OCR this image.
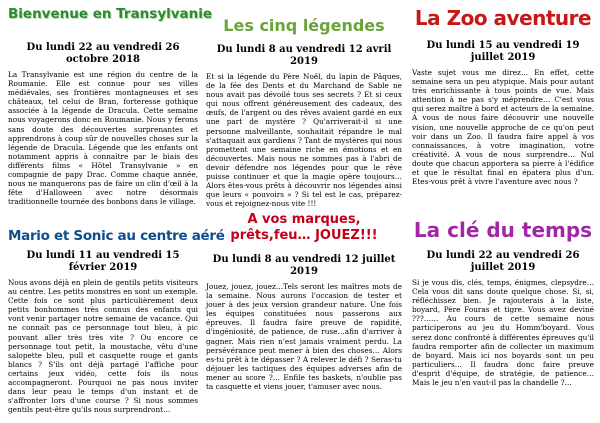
Bienvenue en Transylvanie
Du lundi 22 au vendredi 26 octobre 2018
La Transylvanie est une région du centre de la Roumanie. Elle est connue pour ses villes médiévales, ses frontières montagneuses et ses châteaux, tel celui de Bran, forteresse gothique associée à la légende de Dracula. Cette semaine nous voyagerons donc en Roumanie. Nous y ferons sans doute des découvertes surprenantes et apprendrons à coup sûr de nouvelles choses sur la légende de Dracula. Légende que les enfants ont notamment appris à connaître par le biais des différents films « Hôtel Transylvanie » en compagnie de papy Drac. Comme chaque année, nous ne manquerons pas de faire un clin d'œil à la fête d'Halloween avec notre désormais traditionnelle tournée des bonbons dans le village.
Les cinq légendes
Du lundi 8 au vendredi 12 avril 2019
Et si la légende du Père Noël, du lapin de Pâques, de la fée des Dents et du Marchand de Sable ne nous avait pas dévoilé tous ses secrets ? Et si ceux qui nous offrent généreusement des cadeaux, des œufs, de l'argent ou des rêves avaient gardé en eux une part de mystère ? Qu'arriverait-il si une personne malveillante, souhaitait répandre le mal s'attaquait aux gardiens ? Tant de mystères qui nous promettent une semaine riche en émotions et en découvertes. Mais nous ne sommes pas à l'abri de devoir défendre nos légendes pour que le rêve puisse continuer et que la magie opère toujours… Alors êtes-vous prêts à découvrir nos légendes ainsi que leurs « pouvoirs » ? Si tel est le cas, préparez-vous et rejoignez-nous vite !!!
La Zoo aventure
Du lundi 15 au vendredi 19 juillet 2019
Vaste sujet vous me direz… En effet, cette semaine sera un peu atypique. Mais pour autant très enrichissante à tous points de vue. Mais attention à ne pas s'y méprendre… C'est vous qui serez maître à bord et acteurs de la semaine. A vous de nous faire découvrir une nouvelle vision, une nouvelle approche de ce qu'on peut voir dans un Zoo. Il faudra faire appel à vos connaissances, à votre imagination, votre créativité. A vous de nous surprendre… Nul doute que chacun apportera sa pierre à l'édifice et que le résultat final en épatera plus d'un. Etes-vous prêt à vivre l'aventure avec nous ?
Mario et Sonic au centre aéré
Du lundi 11 au vendredi 15 février 2019
Nous avons déjà en plein de gentils petits visiteurs au centre. Les petits monstres en sont un exemple. Cette fois ce sont plus particulièrement deux petits bonhommes très connus des enfants qui vont venir partager notre semaine de vacance. Qui ne connaît pas ce personnage tout bleu, à pic pouvant aller très très vite ? Ou encore ce personnage tout petit, la moustache, vêtu d'une salopette bleu, pull et casquette rouge et gants blancs ? S'ils ont déjà partagé l'affiche pour certains jeux vidéo, cette fois ils nous accompagneront. Pourquoi ne pas nous inviter dans leur peau le temps d'un instant et de s'affronter lors d'une course ? Si nous sommes gentils peut-être qu'ils nous surprendront…
A vos marques, prêts,feu… JOUEZ!!!
Du lundi 8 au vendredi 12 juillet 2019
Jouez, jouez, jouez…Tels seront les maîtres mots de la semaine. Nous aurons l'occasion de tester et jouer à des jeux version grandeur nature. Une fois les équipes constituées nous passerons aux épreuves. Il faudra faire preuve de rapidité, d'ingéniosité, de patience, de ruse…afin d'arriver à gagner. Mais rien n'est jamais vraiment perdu. La persévérance peut mener à bien des choses… Alors es-tu prêt à te dépasser ? A relever le défi ? Seras-tu déjouer les tactiques des équipes adverses afin de mener au score ?… Enfile tes baskets, n'oublie pas ta casquette et viens jouer, t'amuser avec nous.
La clé du temps
Du lundi 22 au vendredi 26 juillet 2019
Si je vous dis, clés, temps, énigmes, clepsydre… Cela vous dit sans doute quelque chose. Si, si, réfléchissez bien. Je rajouterais à la liste, boyard, Père Fouras et tigre. Vous avez deviné ???…… Au cours de cette semaine nous participerons au jeu du Homm'boyard. Vous serez donc confronté à différentes épreuves qu'il faudra remporter afin de collecter un maximum de boyard. Mais ici nos boyards sont un peu particuliers… Il faudra donc faire preuve d'esprit d'équipe, de stratégie, de patience…Mais le jeu n'en vaut-il pas la chandelle ?…
